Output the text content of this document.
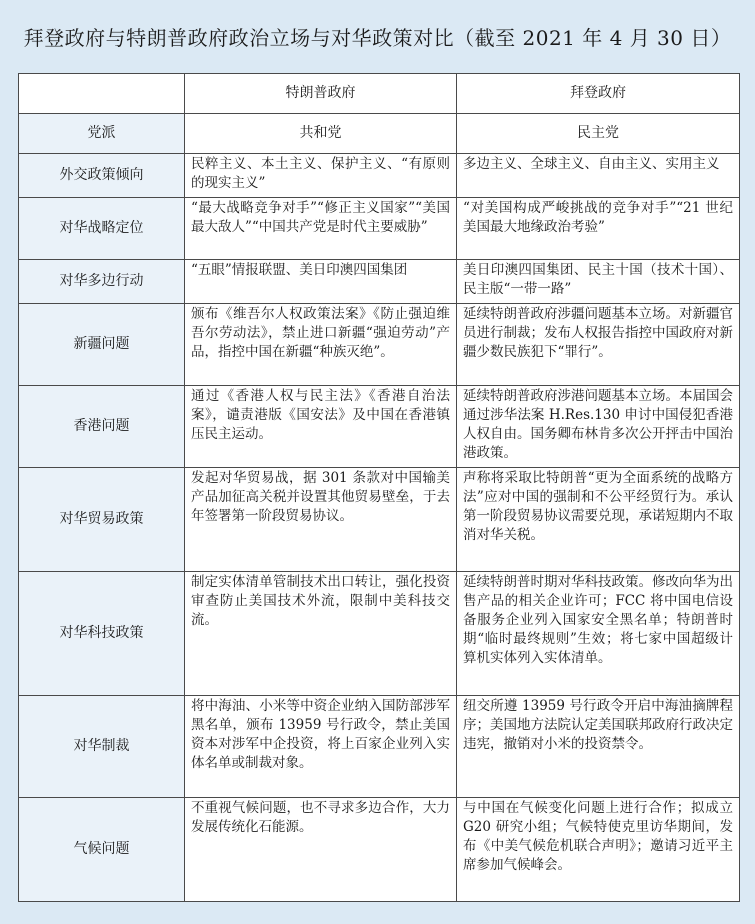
拜登政府与特朗普政府政治立场与对华政策对比（截至 2021 年 4 月 30 日）
	特朗普政府	拜登政府
党派	共和党	民主党
外交政策倾向	民粹主义、本土主义、保护主义、“有原则的现实主义”	多边主义、全球主义、自由主义、实用主义
对华战略定位	“最大战略竞争对手”“修正主义国家”“美国最大敌人”“中国共产党是时代主要威胁”	“对美国构成严峻挑战的竞争对手”“21 世纪美国最大地缘政治考验”
对华多边行动	“五眼”情报联盟、美日印澳四国集团	美日印澳四国集团、民主十国（技术十国）、民主版“一带一路”
新疆问题	颁布《维吾尔人权政策法案》《防止强迫维吾尔劳动法》，禁止进口新疆“强迫劳动”产品，指控中国在新疆“种族灭绝”。	延续特朗普政府涉疆问题基本立场。对新疆官员进行制裁；发布人权报告指控中国政府对新疆少数民族犯下“罪行”。
香港问题	通过《香港人权与民主法》《香港自治法案》，谴责港版《国安法》及中国在香港镇压民主运动。	延续特朗普政府涉港问题基本立场。本届国会通过涉华法案 H.Res.130 申讨中国侵犯香港人权自由。国务卿布林肯多次公开抨击中国治港政策。
对华贸易政策	发起对华贸易战，据 301 条款对中国输美产品加征高关税并设置其他贸易壁垒，于去年签署第一阶段贸易协议。	声称将采取比特朗普“更为全面系统的战略方法”应对中国的强制和不公平经贸行为。承认第一阶段贸易协议需要兑现，承诺短期内不取消对华关税。
对华科技政策	制定实体清单管制技术出口转让，强化投资审查防止美国技术外流，限制中美科技交流。	延续特朗普时期对华科技政策。修改向华为出售产品的相关企业许可；FCC 将中国电信设备服务企业列入国家安全黑名单；特朗普时期“临时最终规则”生效；将七家中国超级计算机实体列入实体清单。
对华制裁	将中海油、小米等中资企业纳入国防部涉军黑名单，颁布 13959 号行政令，禁止美国资本对涉军中企投资，将上百家企业列入实体名单或制裁对象。	纽交所遵 13959 号行政令开启中海油摘牌程序；美国地方法院认定美国联邦政府行政决定违宪，撤销对小米的投资禁令。
气候问题	不重视气候问题，也不寻求多边合作，大力发展传统化石能源。	与中国在气候变化问题上进行合作；拟成立 G20 研究小组；气候特使克里访华期间，发布《中美气候危机联合声明》；邀请习近平主席参加气候峰会。
